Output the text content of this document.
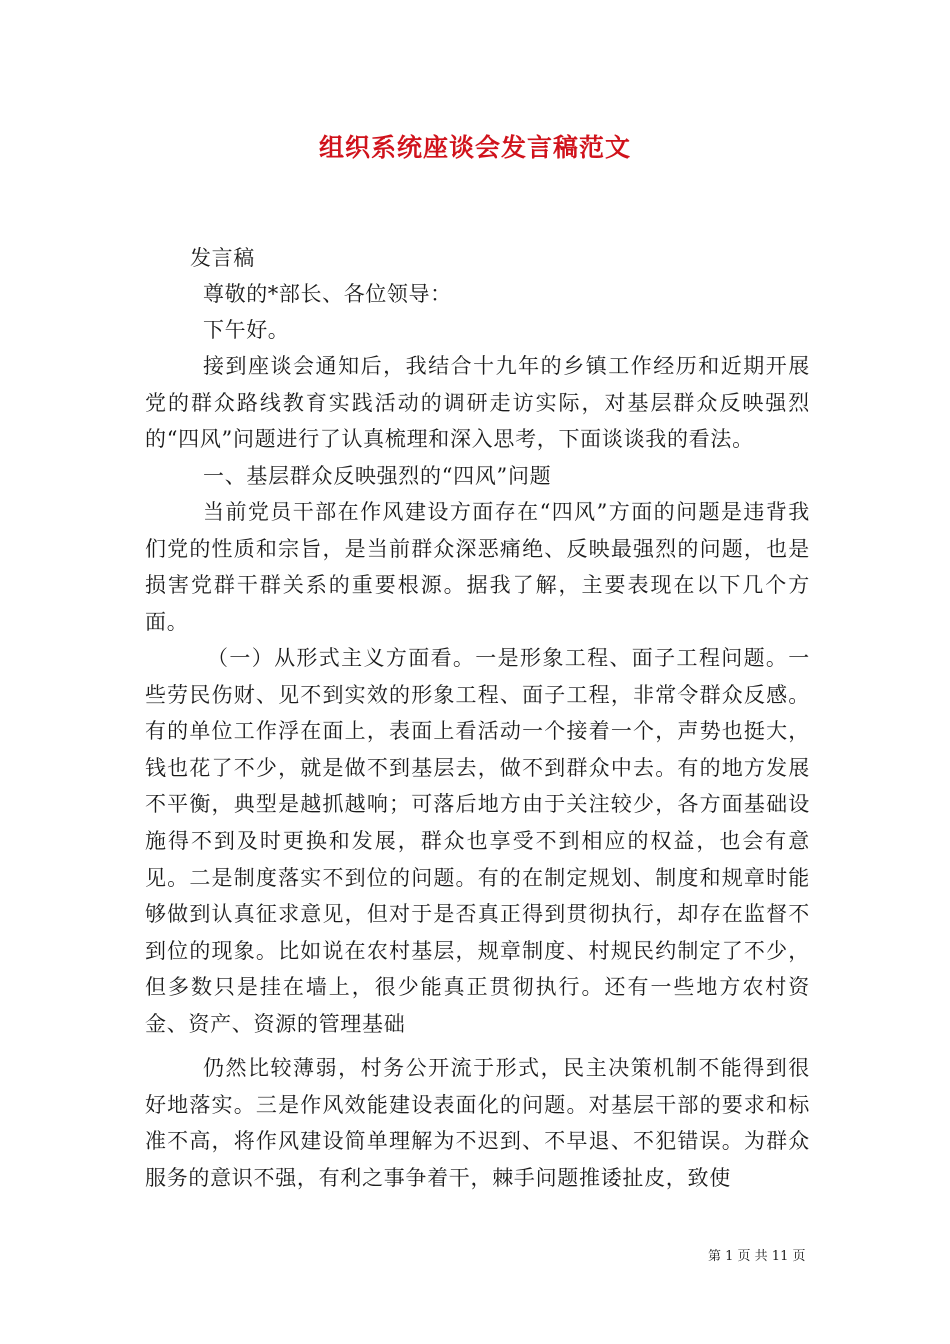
组织系统座谈会发言稿范文
发言稿
尊敬的*部长、各位领导：
下午好。

接到座谈会通知后，我结合十九年的乡镇工作经历和近期开展党的群众路线教育实践活动的调研走访实际，对基层群众反映强烈的“四风”问题进行了认真梳理和深入思考，下面谈谈我的看法。

一、基层群众反映强烈的“四风”问题

当前党员干部在作风建设方面存在“四风”方面的问题是违背我们党的性质和宗旨，是当前群众深恶痛绝、反映最强烈的问题，也是损害党群干群关系的重要根源。据我了解，主要表现在以下几个方面。

（一）从形式主义方面看。一是形象工程、面子工程问题。一些劳民伤财、见不到实效的形象工程、面子工程，非常令群众反感。有的单位工作浮在面上，表面上看活动一个接着一个，声势也挺大，钱也花了不少，就是做不到基层去，做不到群众中去。有的地方发展不平衡，典型是越抓越响；可落后地方由于关注较少，各方面基础设施得不到及时更换和发展，群众也享受不到相应的权益，也会有意见。二是制度落实不到位的问题。有的在制定规划、制度和规章时能够做到认真征求意见，但对于是否真正得到贯彻执行，却存在监督不到位的现象。比如说在农村基层，规章制度、村规民约制定了不少，但多数只是挂在墙上，很少能真正贯彻执行。还有一些地方农村资金、资产、资源的管理基础

仍然比较薄弱，村务公开流于形式，民主决策机制不能得到很好地落实。三是作风效能建设表面化的问题。对基层干部的要求和标准不高，将作风建设简单理解为不迟到、不早退、不犯错误。为群众服务的意识不强，有利之事争着干，棘手问题推诿扯皮，致使

第 1 页 共 11 页
